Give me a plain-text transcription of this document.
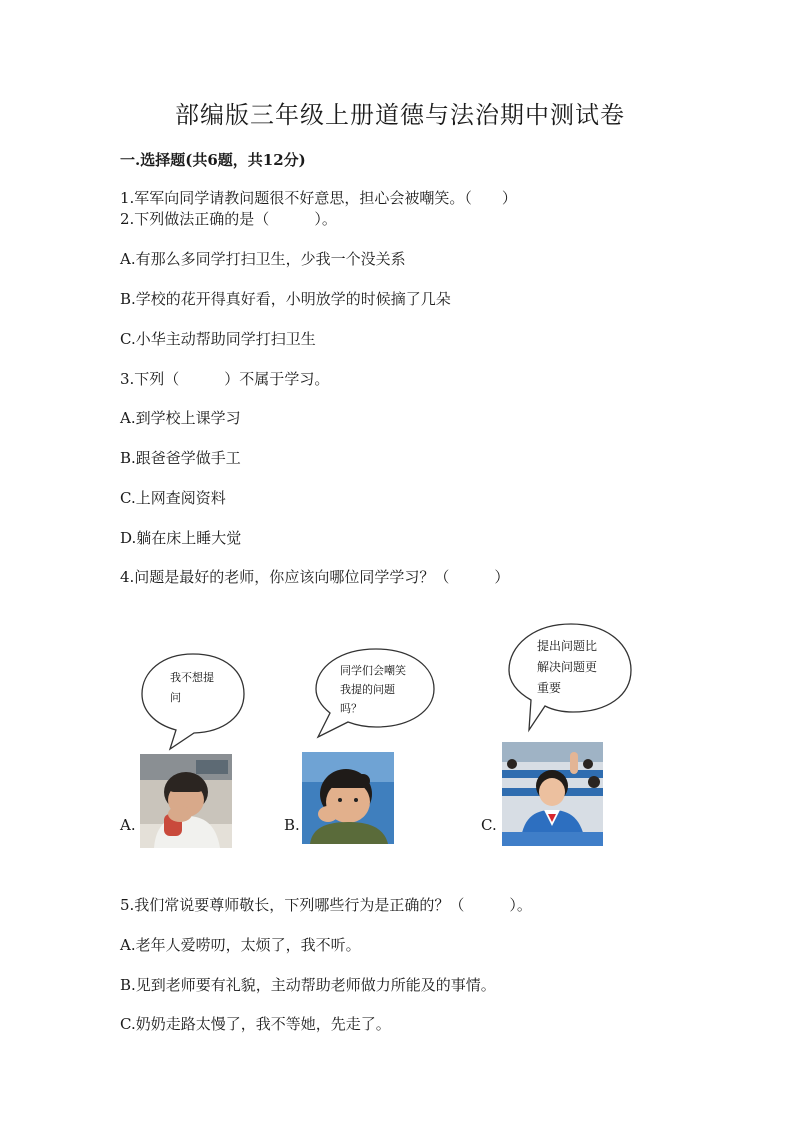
部编版三年级上册道德与法治期中测试卷
一.选择题(共6题，共12分)
1.军军向同学请教问题很不好意思，担心会被嘲笑。（　　）
2.下列做法正确的是（　　　）。
A.有那么多同学打扫卫生，少我一个没关系
B.学校的花开得真好看，小明放学的时候摘了几朵
C.小华主动帮助同学打扫卫生
3.下列（　　　）不属于学习。
A.到学校上课学习
B.跟爸爸学做手工
C.上网查阅资料
D.躺在床上睡大觉
4.问题是最好的老师，你应该向哪位同学学习？（　　　）
我不想提
问
同学们会嘲笑
我提的问题
吗？
提出问题比
解决问题更
重要
A.	B.	C.
5.我们常说要尊师敬长，下列哪些行为是正确的？（　　　）。
A.老年人爱唠叨，太烦了，我不听。
B.见到老师要有礼貌，主动帮助老师做力所能及的事情。
C.奶奶走路太慢了，我不等她，先走了。
